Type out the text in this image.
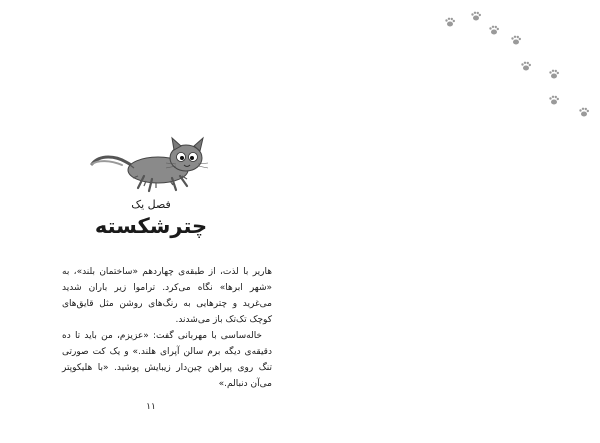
فصل یک
چترشکسته

هاریر با لذت، از طبقه‌ی چهاردهم «ساختمان بلند»، به «شهر ابرها» نگاه می‌کرد. تراموا زیر باران شدید می‌غرید و چترهایی به رنگ‌های روشن مثل قایق‌های کوچک تک‌تک باز می‌شدند.

خاله‌ساسی با مهربانی گفت: «عزیزم، من باید تا ده دقیقه‌ی دیگه برم سالن آپرای هلند.» و یک کت صورتی تنگ روی پیراهن چین‌دار زیبایش پوشید. «با هلیکوپتر می‌آن دنبالم.»

۱۱
